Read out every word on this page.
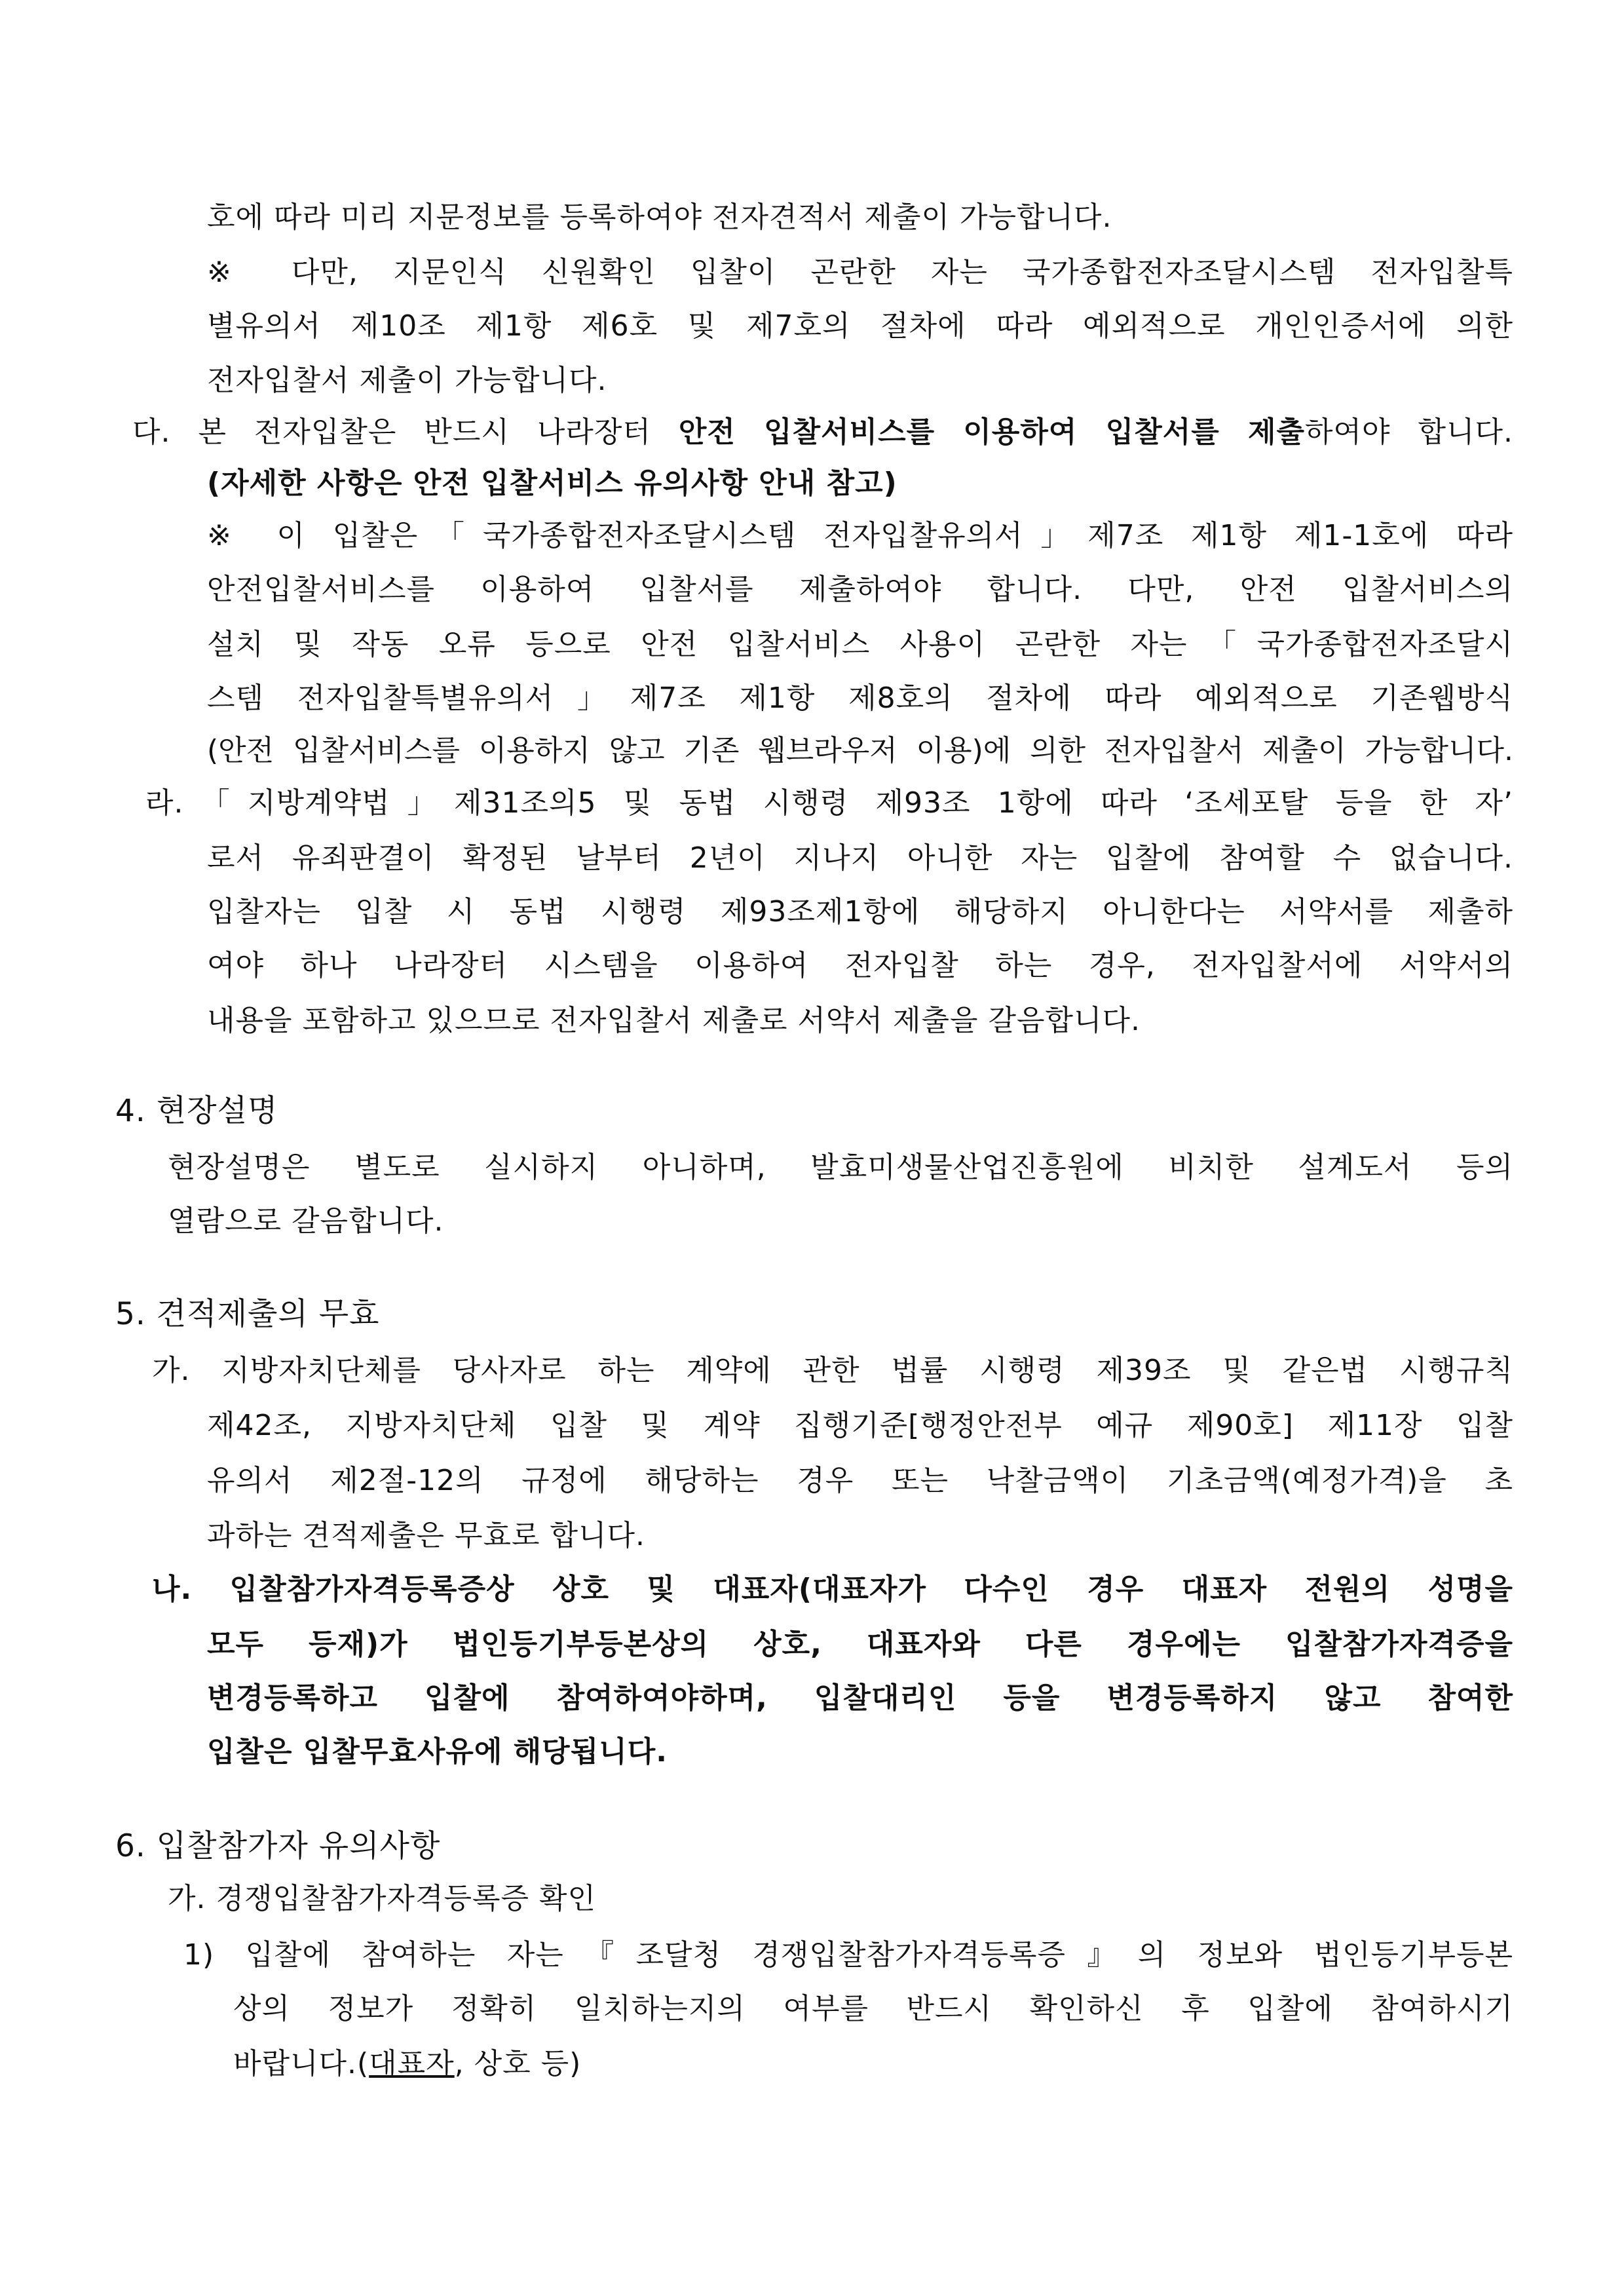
호에 따라 미리 지문정보를 등록하여야 전자견적서 제출이 가능합니다.
※ 다만, 지문인식 신원확인 입찰이 곤란한 자는 국가종합전자조달시스템 전자입찰특
별유의서 제10조 제1항 제6호 및 제7호의 절차에 따라 예외적으로 개인인증서에 의한
전자입찰서 제출이 가능합니다.
다. 본 전자입찰은 반드시 나라장터 안전 입찰서비스를 이용하여 입찰서를 제출하여야 합니다.
(자세한 사항은 안전 입찰서비스 유의사항 안내 참고)
※ 이 입찰은「국가종합전자조달시스템 전자입찰유의서」제7조 제1항 제1-1호에 따라
안전입찰서비스를 이용하여 입찰서를 제출하여야 합니다. 다만, 안전 입찰서비스의
설치 및 작동 오류 등으로 안전 입찰서비스 사용이 곤란한 자는「국가종합전자조달시
스템 전자입찰특별유의서」제7조 제1항 제8호의 절차에 따라 예외적으로 기존웹방식
(안전 입찰서비스를 이용하지 않고 기존 웹브라우저 이용)에 의한 전자입찰서 제출이 가능합니다.
라.「지방계약법」제31조의5 및 동법 시행령 제93조 1항에 따라 ‘조세포탈 등을 한 자’
로서 유죄판결이 확정된 날부터 2년이 지나지 아니한 자는 입찰에 참여할 수 없습니다.
입찰자는 입찰 시 동법 시행령 제93조제1항에 해당하지 아니한다는 서약서를 제출하
여야 하나 나라장터 시스템을 이용하여 전자입찰 하는 경우, 전자입찰서에 서약서의
내용을 포함하고 있으므로 전자입찰서 제출로 서약서 제출을 갈음합니다.
4. 현장설명
현장설명은 별도로 실시하지 아니하며, 발효미생물산업진흥원에 비치한 설계도서 등의
열람으로 갈음합니다.
5. 견적제출의 무효
가. 지방자치단체를 당사자로 하는 계약에 관한 법률 시행령 제39조 및 같은법 시행규칙
제42조, 지방자치단체 입찰 및 계약 집행기준[행정안전부 예규 제90호] 제11장 입찰
유의서 제2절-12의 규정에 해당하는 경우 또는 낙찰금액이 기초금액(예정가격)을 초
과하는 견적제출은 무효로 합니다.
나. 입찰참가자격등록증상 상호 및 대표자(대표자가 다수인 경우 대표자 전원의 성명을
모두 등재)가 법인등기부등본상의 상호, 대표자와 다른 경우에는 입찰참가자격증을
변경등록하고 입찰에 참여하여야하며, 입찰대리인 등을 변경등록하지 않고 참여한
입찰은 입찰무효사유에 해당됩니다.
6. 입찰참가자 유의사항
가. 경쟁입찰참가자격등록증 확인
1) 입찰에 참여하는 자는『조달청 경쟁입찰참가자격등록증』의 정보와 법인등기부등본
상의 정보가 정확히 일치하는지의 여부를 반드시 확인하신 후 입찰에 참여하시기
바랍니다.(대표자, 상호 등)
